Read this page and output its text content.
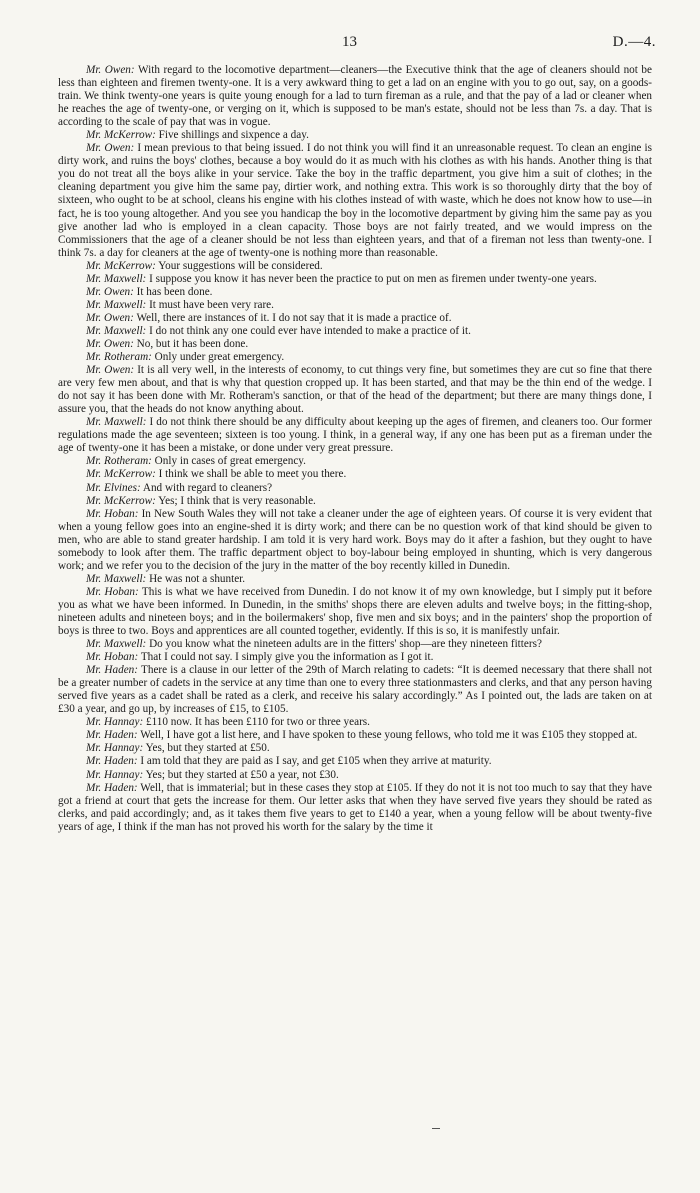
13	D.—4.

Mr. Owen: With regard to the locomotive department—cleaners—the Executive think that the age of cleaners should not be less than eighteen and firemen twenty-one. It is a very awkward thing to get a lad on an engine with you to go out, say, on a goods-train. We think twenty-one years is quite young enough for a lad to turn fireman as a rule, and that the pay of a lad or cleaner when he reaches the age of twenty-one, or verging on it, which is supposed to be man's estate, should not be less than 7s. a day. That is according to the scale of pay that was in vogue.

Mr. McKerrow: Five shillings and sixpence a day.

Mr. Owen: I mean previous to that being issued. I do not think you will find it an unreasonable request. To clean an engine is dirty work, and ruins the boys' clothes, because a boy would do it as much with his clothes as with his hands. Another thing is that you do not treat all the boys alike in your service. Take the boy in the traffic department, you give him a suit of clothes; in the cleaning department you give him the same pay, dirtier work, and nothing extra. This work is so thoroughly dirty that the boy of sixteen, who ought to be at school, cleans his engine with his clothes instead of with waste, which he does not know how to use—in fact, he is too young altogether. And you see you handicap the boy in the locomotive department by giving him the same pay as you give another lad who is employed in a clean capacity. Those boys are not fairly treated, and we would impress on the Commissioners that the age of a cleaner should be not less than eighteen years, and that of a fireman not less than twenty-one. I think 7s. a day for cleaners at the age of twenty-one is nothing more than reasonable.

Mr. McKerrow: Your suggestions will be considered.

Mr. Maxwell: I suppose you know it has never been the practice to put on men as firemen under twenty-one years.

Mr. Owen: It has been done.

Mr. Maxwell: It must have been very rare.

Mr. Owen: Well, there are instances of it. I do not say that it is made a practice of.

Mr. Maxwell: I do not think any one could ever have intended to make a practice of it.

Mr. Owen: No, but it has been done.

Mr. Rotheram: Only under great emergency.

Mr. Owen: It is all very well, in the interests of economy, to cut things very fine, but sometimes they are cut so fine that there are very few men about, and that is why that question cropped up. It has been started, and that may be the thin end of the wedge. I do not say it has been done with Mr. Rotheram's sanction, or that of the head of the department; but there are many things done, I assure you, that the heads do not know anything about.

Mr. Maxwell: I do not think there should be any difficulty about keeping up the ages of firemen, and cleaners too. Our former regulations made the age seventeen; sixteen is too young. I think, in a general way, if any one has been put as a fireman under the age of twenty-one it has been a mistake, or done under very great pressure.

Mr. Rotheram: Only in cases of great emergency.

Mr. McKerrow: I think we shall be able to meet you there.

Mr. Elvines: And with regard to cleaners?

Mr. McKerrow: Yes; I think that is very reasonable.

Mr. Hoban: In New South Wales they will not take a cleaner under the age of eighteen years. Of course it is very evident that when a young fellow goes into an engine-shed it is dirty work; and there can be no question work of that kind should be given to men, who are able to stand greater hardship. I am told it is very hard work. Boys may do it after a fashion, but they ought to have somebody to look after them. The traffic department object to boy-labour being employed in shunting, which is very dangerous work; and we refer you to the decision of the jury in the matter of the boy recently killed in Dunedin.

Mr. Maxwell: He was not a shunter.

Mr. Hoban: This is what we have received from Dunedin. I do not know it of my own knowledge, but I simply put it before you as what we have been informed. In Dunedin, in the smiths' shops there are eleven adults and twelve boys; in the fitting-shop, nineteen adults and nineteen boys; and in the boilermakers' shop, five men and six boys; and in the painters' shop the proportion of boys is three to two. Boys and apprentices are all counted together, evidently. If this is so, it is manifestly unfair.

Mr. Maxwell: Do you know what the nineteen adults are in the fitters' shop—are they nineteen fitters?

Mr. Hoban: That I could not say. I simply give you the information as I got it.

Mr. Haden: There is a clause in our letter of the 29th of March relating to cadets: “It is deemed necessary that there shall not be a greater number of cadets in the service at any time than one to every three stationmasters and clerks, and that any person having served five years as a cadet shall be rated as a clerk, and receive his salary accordingly.” As I pointed out, the lads are taken on at £30 a year, and go up, by increases of £15, to £105.

Mr. Hannay: £110 now. It has been £110 for two or three years.

Mr. Haden: Well, I have got a list here, and I have spoken to these young fellows, who told me it was £105 they stopped at.

Mr. Hannay: Yes, but they started at £50.

Mr. Haden: I am told that they are paid as I say, and get £105 when they arrive at maturity.

Mr. Hannay: Yes; but they started at £50 a year, not £30.

Mr. Haden: Well, that is immaterial; but in these cases they stop at £105. If they do not it is not too much to say that they have got a friend at court that gets the increase for them. Our letter asks that when they have served five years they should be rated as clerks, and paid accordingly; and, as it takes them five years to get to £140 a year, when a young fellow will be about twenty-five years of age, I think if the man has not proved his worth for the salary by the time it
